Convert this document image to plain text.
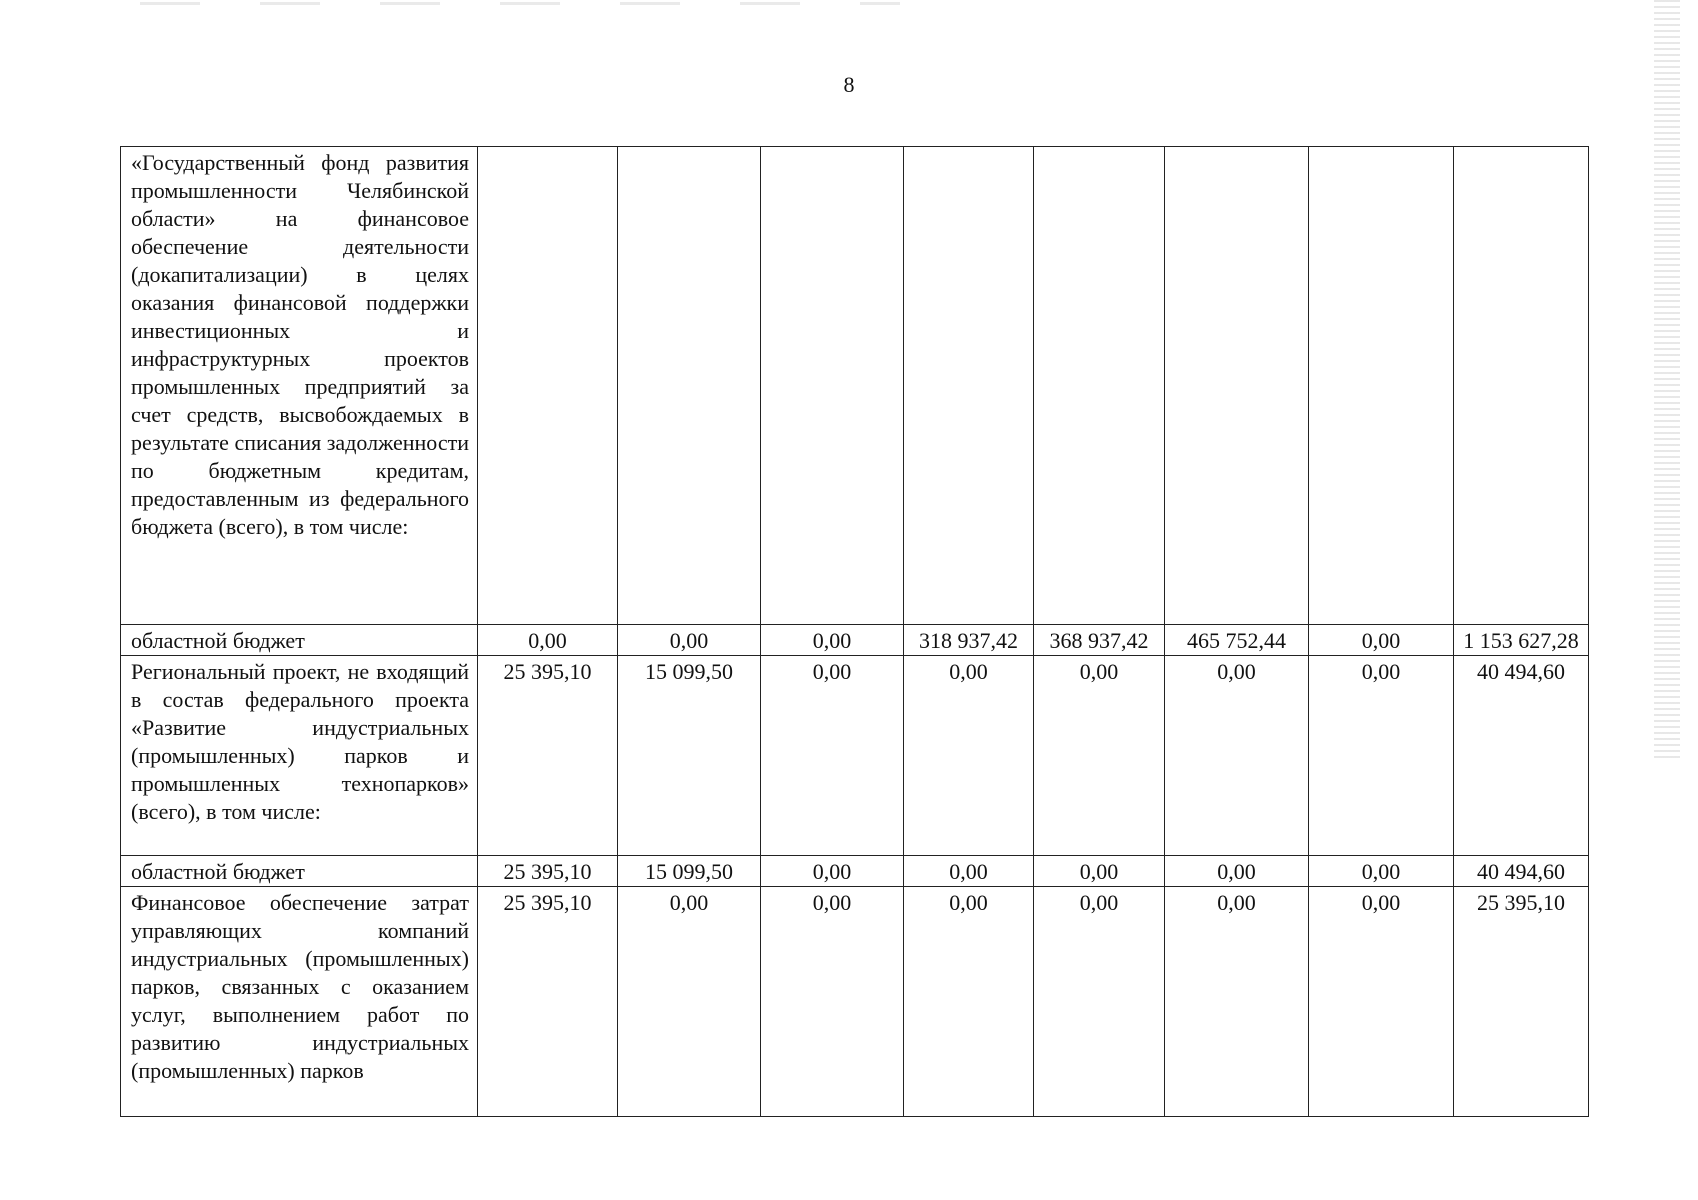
8
«Государственный фонд развития промышленности Челябинской области» на финансовое обеспечение деятельности (докапитализации) в целях оказания финансовой поддержки инвестиционных и инфраструктурных проектов промышленных предприятий за счет средств, высвобождаемых в результате списания задолженности по бюджетным кредитам, предоставленным из федерального бюджета (всего), в том числе:								
областной бюджет	0,00	0,00	0,00	318 937,42	368 937,42	465 752,44	0,00	1 153 627,28
Региональный проект, не входящий в состав федерального проекта «Развитие индустриальных (промышленных) парков и промышленных технопарков» (всего), в том числе:	25 395,10	15 099,50	0,00	0,00	0,00	0,00	0,00	40 494,60
областной бюджет	25 395,10	15 099,50	0,00	0,00	0,00	0,00	0,00	40 494,60
Финансовое обеспечение затрат управляющих компаний индустриальных (промышленных) парков, связанных с оказанием услуг, выполнением работ по развитию индустриальных (промышленных) парков	25 395,10	0,00	0,00	0,00	0,00	0,00	0,00	25 395,10
